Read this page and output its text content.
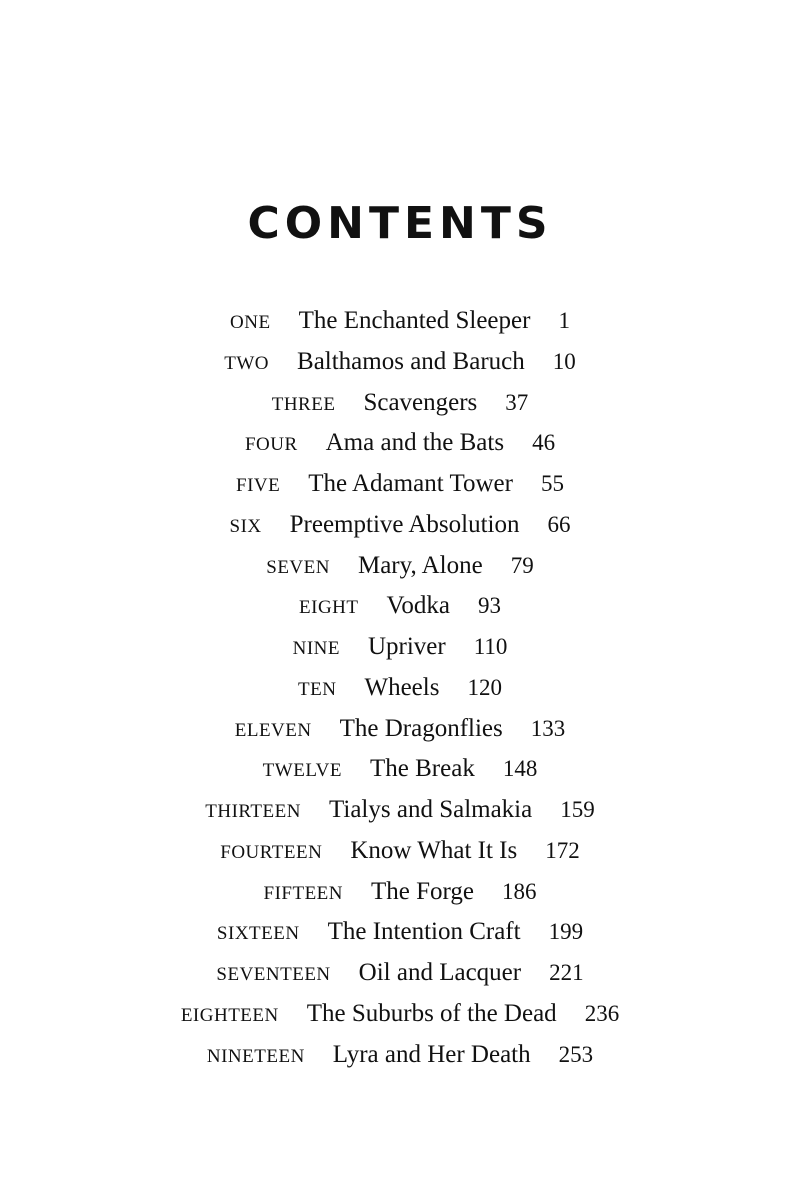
CONTENTS
ONE The Enchanted Sleeper 1
TWO Balthamos and Baruch 10
THREE Scavengers 37
FOUR Ama and the Bats 46
FIVE The Adamant Tower 55
SIX Preemptive Absolution 66
SEVEN Mary, Alone 79
EIGHT Vodka 93
NINE Upriver 110
TEN Wheels 120
ELEVEN The Dragonflies 133
TWELVE The Break 148
THIRTEEN Tialys and Salmakia 159
FOURTEEN Know What It Is 172
FIFTEEN The Forge 186
SIXTEEN The Intention Craft 199
SEVENTEEN Oil and Lacquer 221
EIGHTEEN The Suburbs of the Dead 236
NINETEEN Lyra and Her Death 253
